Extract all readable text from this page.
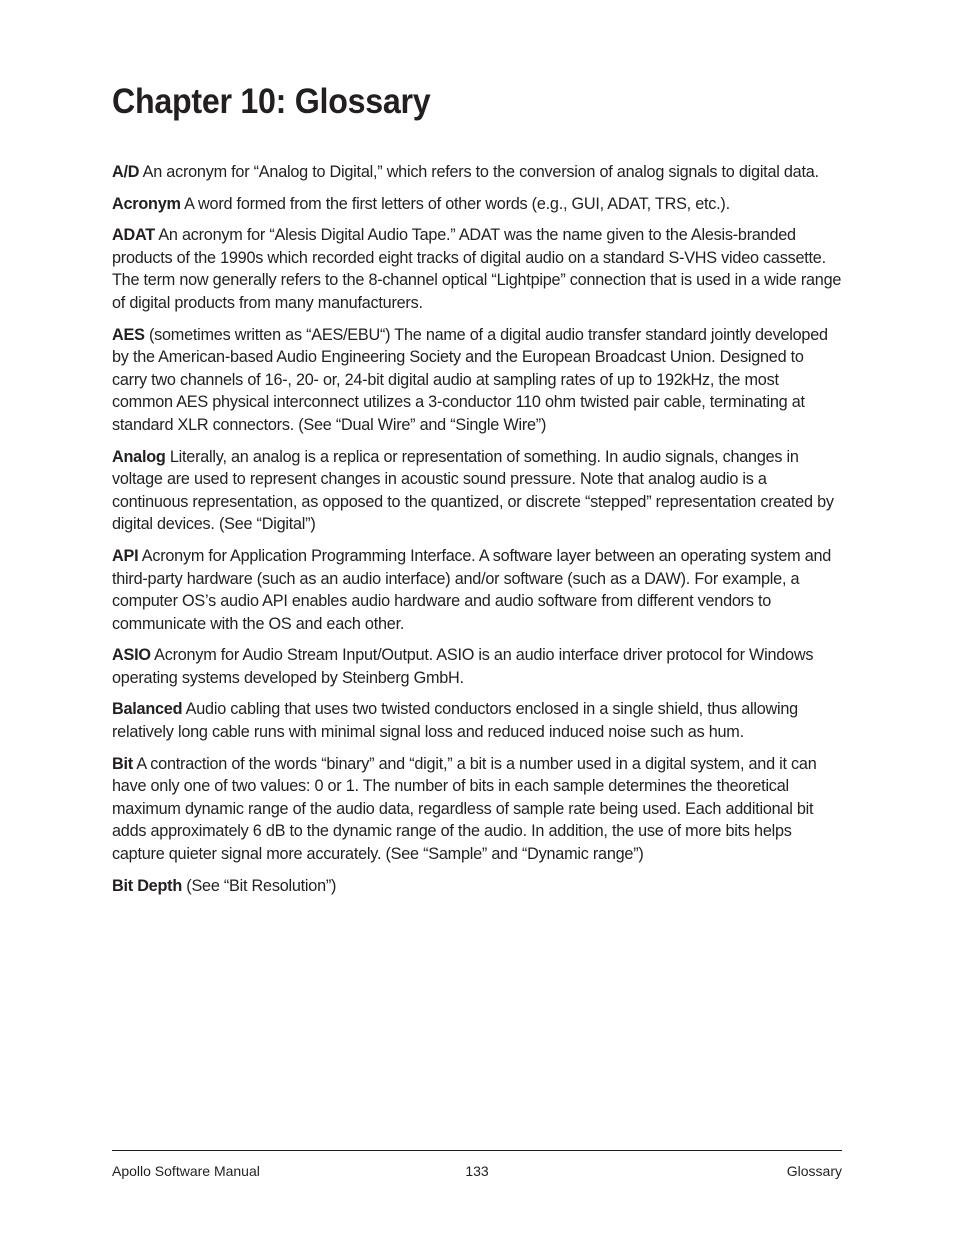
Chapter 10: Glossary

A/D An acronym for “Analog to Digital,” which refers to the conversion of analog signals to digital data.

Acronym A word formed from the first letters of other words (e.g., GUI, ADAT, TRS, etc.).

ADAT An acronym for “Alesis Digital Audio Tape.” ADAT was the name given to the Alesis-branded products of the 1990s which recorded eight tracks of digital audio on a standard S-VHS video cassette. The term now generally refers to the 8-channel optical “Lightpipe” connection that is used in a wide range of digital products from many manufacturers.

AES (sometimes written as “AES/EBU“) The name of a digital audio transfer standard jointly developed by the American-based Audio Engineering Society and the European Broadcast Union. Designed to carry two channels of 16-, 20- or, 24-bit digital audio at sampling rates of up to 192kHz, the most common AES physical interconnect utilizes a 3-conductor 110 ohm twisted pair cable, terminating at standard XLR connectors. (See “Dual Wire” and “Single Wire”)

Analog Literally, an analog is a replica or representation of something. In audio signals, changes in voltage are used to represent changes in acoustic sound pressure. Note that analog audio is a continuous representation, as opposed to the quantized, or discrete “stepped” representation created by digital devices. (See “Digital”)

API Acronym for Application Programming Interface. A software layer between an operating system and third-party hardware (such as an audio interface) and/or software (such as a DAW). For example, a computer OS’s audio API enables audio hardware and audio software from different vendors to communicate with the OS and each other.

ASIO Acronym for Audio Stream Input/Output. ASIO is an audio interface driver protocol for Windows operating systems developed by Steinberg GmbH.

Balanced Audio cabling that uses two twisted conductors enclosed in a single shield, thus allowing relatively long cable runs with minimal signal loss and reduced induced noise such as hum.

Bit A contraction of the words “binary” and “digit,” a bit is a number used in a digital system, and it can have only one of two values: 0 or 1. The number of bits in each sample determines the theoretical maximum dynamic range of the audio data, regardless of sample rate being used. Each additional bit adds approximately 6 dB to the dynamic range of the audio. In addition, the use of more bits helps capture quieter signal more accurately. (See “Sample” and “Dynamic range”)

Bit Depth (See “Bit Resolution”)

Apollo Software Manual	133	Glossary
